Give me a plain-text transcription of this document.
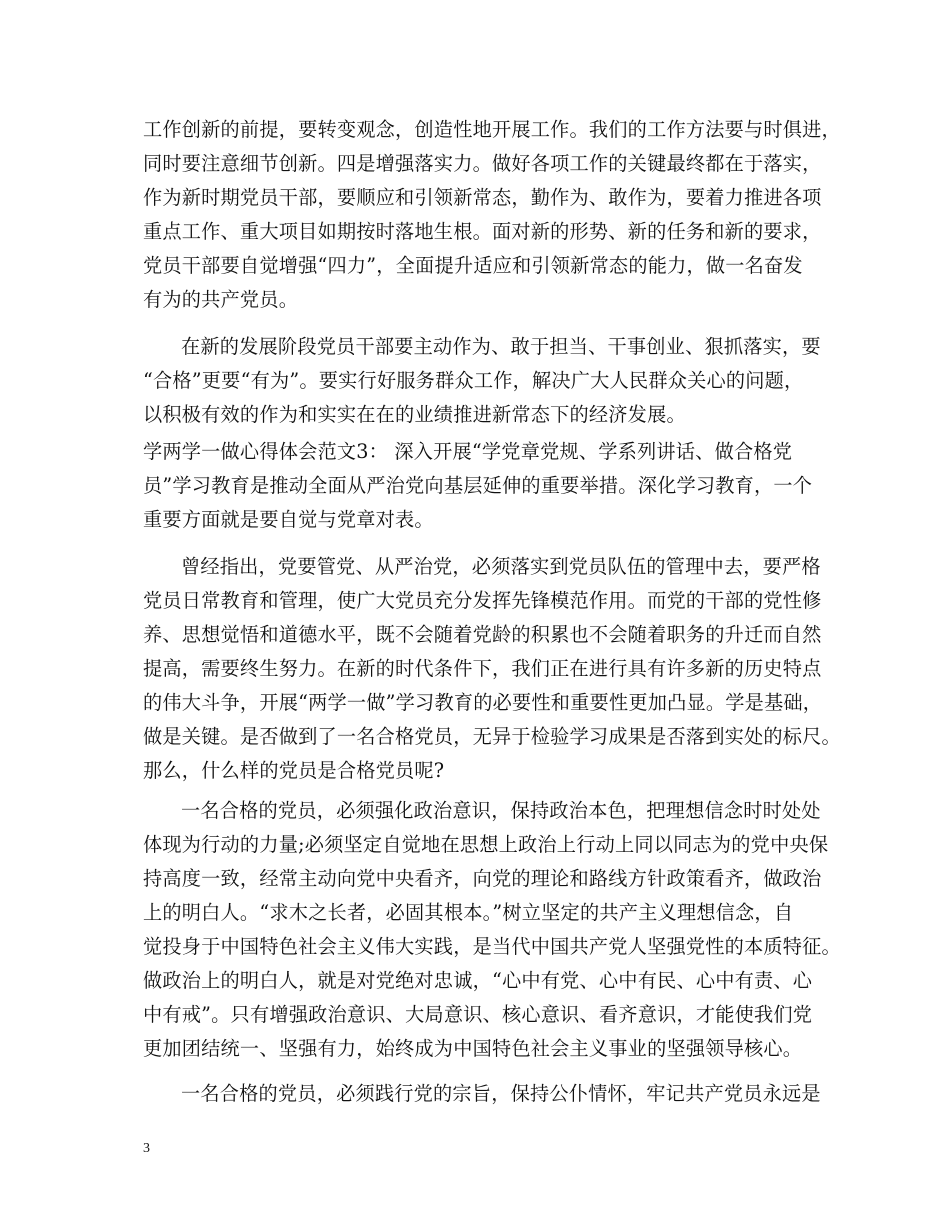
工作创新的前提，要转变观念，创造性地开展工作。我们的工作方法要与时俱进，

同时要注意细节创新。四是增强落实力。做好各项工作的关键最终都在于落实，

作为新时期党员干部，要顺应和引领新常态，勤作为、敢作为，要着力推进各项

重点工作、重大项目如期按时落地生根。面对新的形势、新的任务和新的要求，

党员干部要自觉增强“四力”，全面提升适应和引领新常态的能力，做一名奋发

有为的共产党员。

在新的发展阶段党员干部要主动作为、敢于担当、干事创业、狠抓落实，要

“合格”更要“有为”。要实行好服务群众工作，解决广大人民群众关心的问题，

以积极有效的作为和实实在在的业绩推进新常态下的经济发展。

学两学一做心得体会范文3： 深入开展“学党章党规、学系列讲话、做合格党

员”学习教育是推动全面从严治党向基层延伸的重要举措。深化学习教育，一个

重要方面就是要自觉与党章对表。

曾经指出，党要管党、从严治党，必须落实到党员队伍的管理中去，要严格

党员日常教育和管理，使广大党员充分发挥先锋模范作用。而党的干部的党性修

养、思想觉悟和道德水平，既不会随着党龄的积累也不会随着职务的升迁而自然

提高，需要终生努力。在新的时代条件下，我们正在进行具有许多新的历史特点

的伟大斗争，开展“两学一做”学习教育的必要性和重要性更加凸显。学是基础，

做是关键。是否做到了一名合格党员，无异于检验学习成果是否落到实处的标尺。

那么，什么样的党员是合格党员呢?

一名合格的党员，必须强化政治意识，保持政治本色，把理想信念时时处处

体现为行动的力量;必须坚定自觉地在思想上政治上行动上同以同志为的党中央保

持高度一致，经常主动向党中央看齐，向党的理论和路线方针政策看齐，做政治

上的明白人。“求木之长者，必固其根本。”树立坚定的共产主义理想信念，自

觉投身于中国特色社会主义伟大实践，是当代中国共产党人坚强党性的本质特征。

做政治上的明白人，就是对党绝对忠诚，“心中有党、心中有民、心中有责、心

中有戒”。只有增强政治意识、大局意识、核心意识、看齐意识，才能使我们党

更加团结统一、坚强有力，始终成为中国特色社会主义事业的坚强领导核心。

一名合格的党员，必须践行党的宗旨，保持公仆情怀，牢记共产党员永远是

3
